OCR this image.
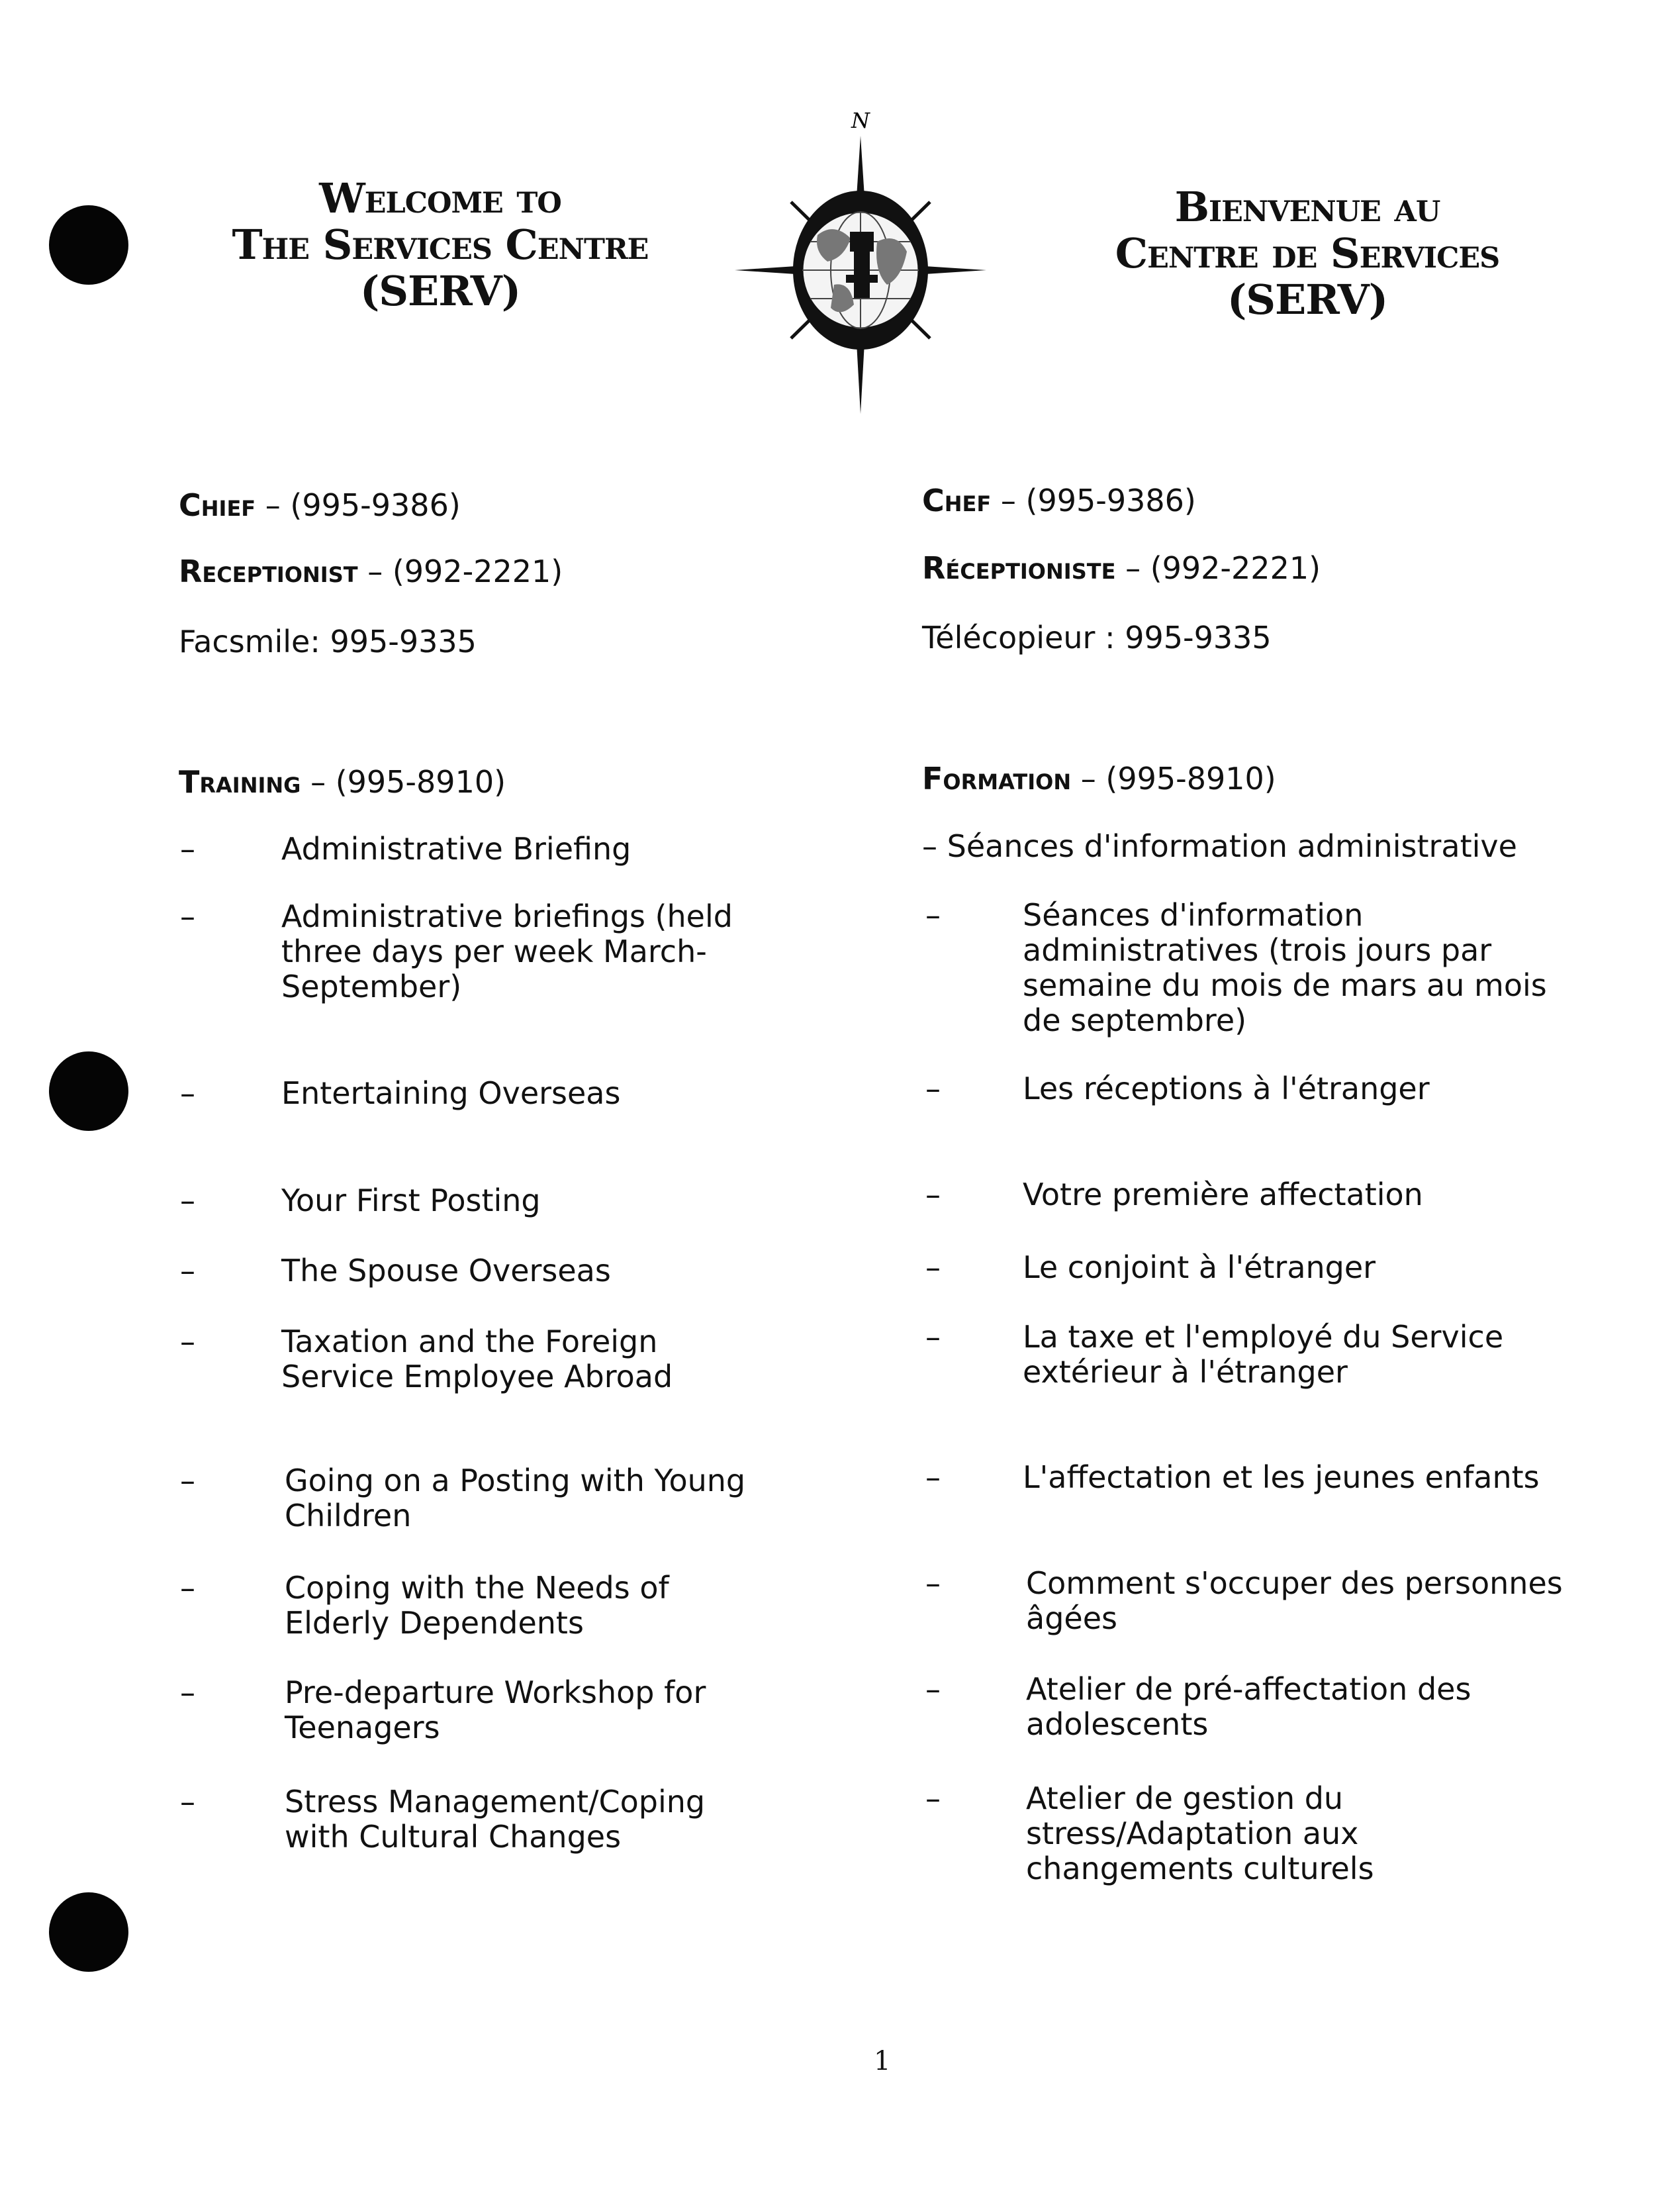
Welcome to
The Services Centre
(SERV)
N
Bienvenue au
Centre de Services
(SERV)
Chief – (995-9386)
Receptionist – (992-2221)
Facsmile: 995-9335
Training – (995-8910)
Chef – (995-9386)
Réceptioniste – (992-2221)
Télécopieur : 995-9335
Formation – (995-8910)
–	Administrative Briefing
–	Administrative briefings (held
three days per week March-
September)
–	Entertaining Overseas
–	Your First Posting
–	The Spouse Overseas
–	Taxation and the Foreign
Service Employee Abroad
–	Going on a Posting with Young
Children
–	Coping with the Needs of
Elderly Dependents
–	Pre-departure Workshop for
Teenagers
–	Stress Management/Coping
with Cultural Changes
– Séances d'information administrative
–	Séances d'information
administratives (trois jours par
semaine du mois de mars au mois
de septembre)
–	Les réceptions à l'étranger
–	Votre première affectation
–	Le conjoint à l'étranger
–	La taxe et l'employé du Service
extérieur à l'étranger
–	L'affectation et les jeunes enfants
–	Comment s'occuper des personnes
âgées
–	Atelier de pré-affectation des
adolescents
–	Atelier de gestion du
stress/Adaptation aux
changements culturels
1
